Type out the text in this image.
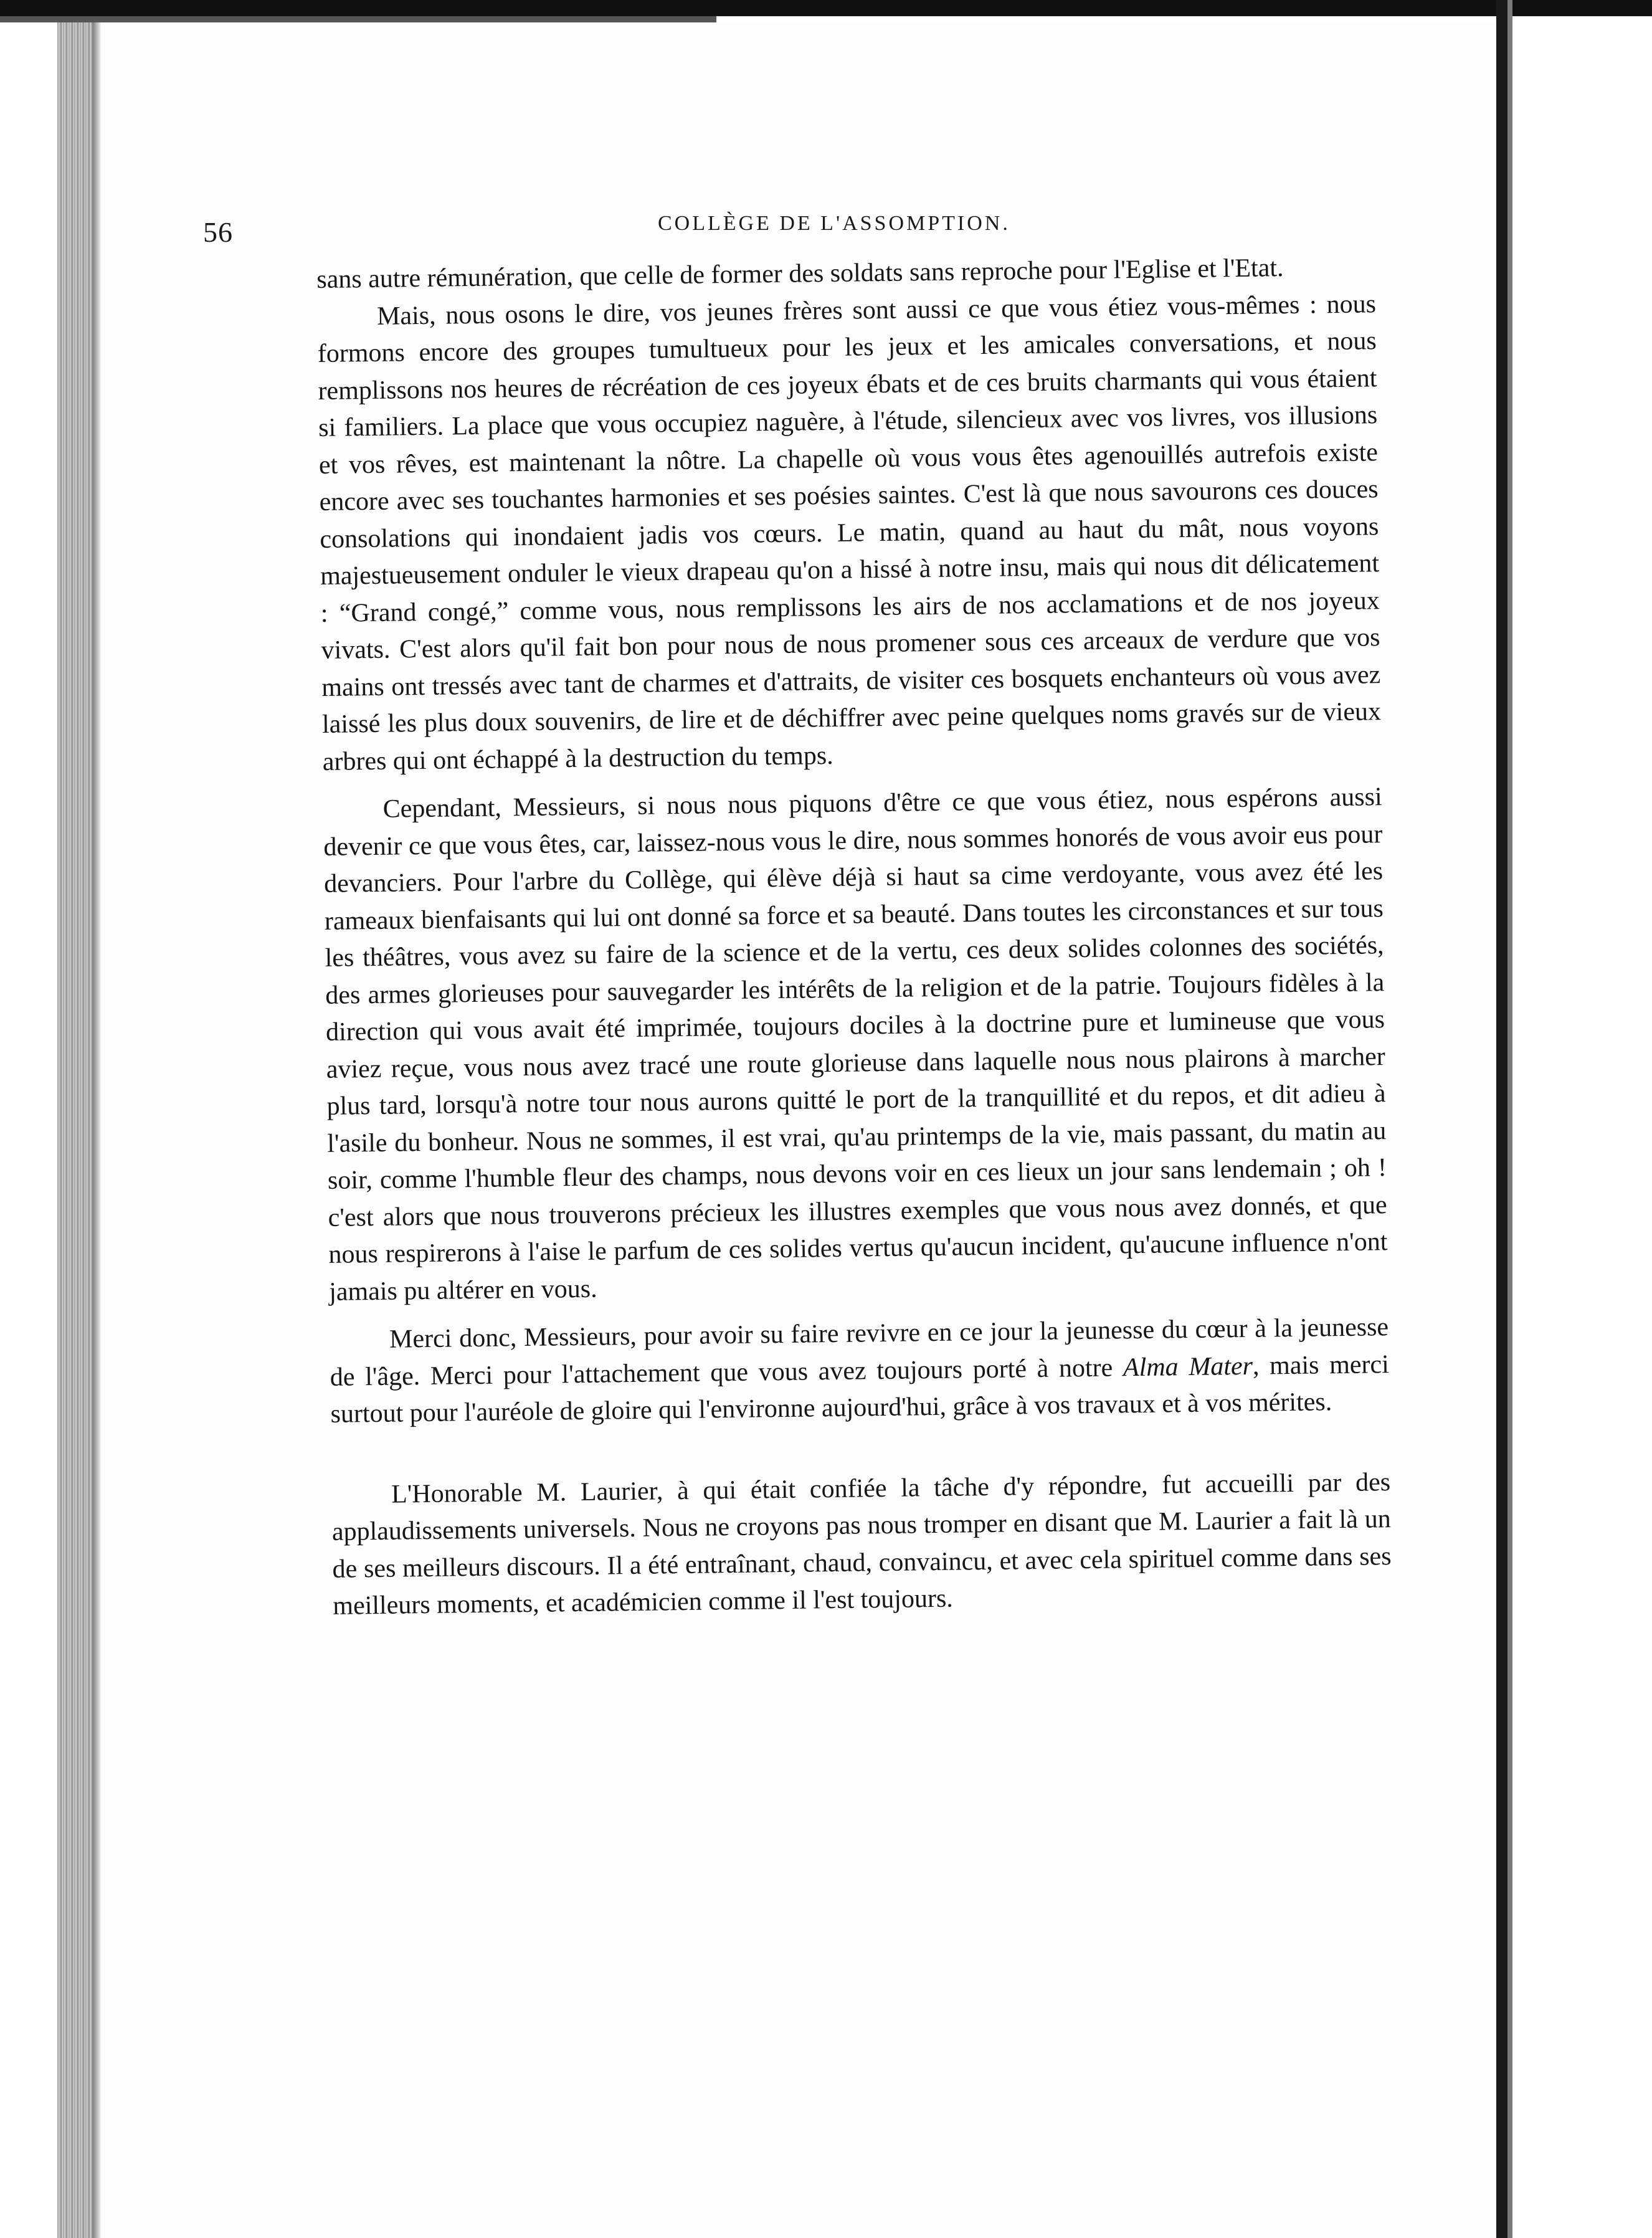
56	COLLÈGE DE L'ASSOMPTION.

sans autre rémunération, que celle de former des soldats sans reproche pour l'Eglise et l'Etat.

Mais, nous osons le dire, vos jeunes frères sont aussi ce que vous étiez vous-mêmes : nous formons encore des groupes tumultueux pour les jeux et les amicales conversations, et nous remplissons nos heures de récréation de ces joyeux ébats et de ces bruits charmants qui vous étaient si familiers. La place que vous occupiez naguère, à l'étude, silencieux avec vos livres, vos illusions et vos rêves, est maintenant la nôtre. La chapelle où vous vous êtes agenouillés autrefois existe encore avec ses touchantes harmonies et ses poésies saintes. C'est là que nous savourons ces douces consolations qui inondaient jadis vos cœurs. Le matin, quand au haut du mât, nous voyons majestueusement onduler le vieux drapeau qu'on a hissé à notre insu, mais qui nous dit délicatement : “Grand congé,” comme vous, nous remplissons les airs de nos acclamations et de nos joyeux vivats. C'est alors qu'il fait bon pour nous de nous promener sous ces arceaux de verdure que vos mains ont tressés avec tant de charmes et d'attraits, de visiter ces bosquets enchanteurs où vous avez laissé les plus doux souvenirs, de lire et de déchiffrer avec peine quelques noms gravés sur de vieux arbres qui ont échappé à la destruction du temps.

Cependant, Messieurs, si nous nous piquons d'être ce que vous étiez, nous espérons aussi devenir ce que vous êtes, car, laissez-nous vous le dire, nous sommes honorés de vous avoir eus pour devanciers. Pour l'arbre du Collège, qui élève déjà si haut sa cime verdoyante, vous avez été les rameaux bienfaisants qui lui ont donné sa force et sa beauté. Dans toutes les circonstances et sur tous les théâtres, vous avez su faire de la science et de la vertu, ces deux solides colonnes des sociétés, des armes glorieuses pour sauvegarder les intérêts de la religion et de la patrie. Toujours fidèles à la direction qui vous avait été imprimée, toujours dociles à la doctrine pure et lumineuse que vous aviez reçue, vous nous avez tracé une route glorieuse dans laquelle nous nous plairons à marcher plus tard, lorsqu'à notre tour nous aurons quitté le port de la tranquillité et du repos, et dit adieu à l'asile du bonheur. Nous ne sommes, il est vrai, qu'au printemps de la vie, mais passant, du matin au soir, comme l'humble fleur des champs, nous devons voir en ces lieux un jour sans lendemain ; oh ! c'est alors que nous trouverons précieux les illustres exemples que vous nous avez donnés, et que nous respirerons à l'aise le parfum de ces solides vertus qu'aucun incident, qu'aucune influence n'ont jamais pu altérer en vous.

Merci donc, Messieurs, pour avoir su faire revivre en ce jour la jeunesse du cœur à la jeunesse de l'âge. Merci pour l'attachement que vous avez toujours porté à notre Alma Mater, mais merci surtout pour l'auréole de gloire qui l'environne aujourd'hui, grâce à vos travaux et à vos mérites.

L'Honorable M. Laurier, à qui était confiée la tâche d'y répondre, fut accueilli par des applaudissements universels. Nous ne croyons pas nous tromper en disant que M. Laurier a fait là un de ses meilleurs discours. Il a été entraînant, chaud, convaincu, et avec cela spirituel comme dans ses meilleurs moments, et académicien comme il l'est toujours.
